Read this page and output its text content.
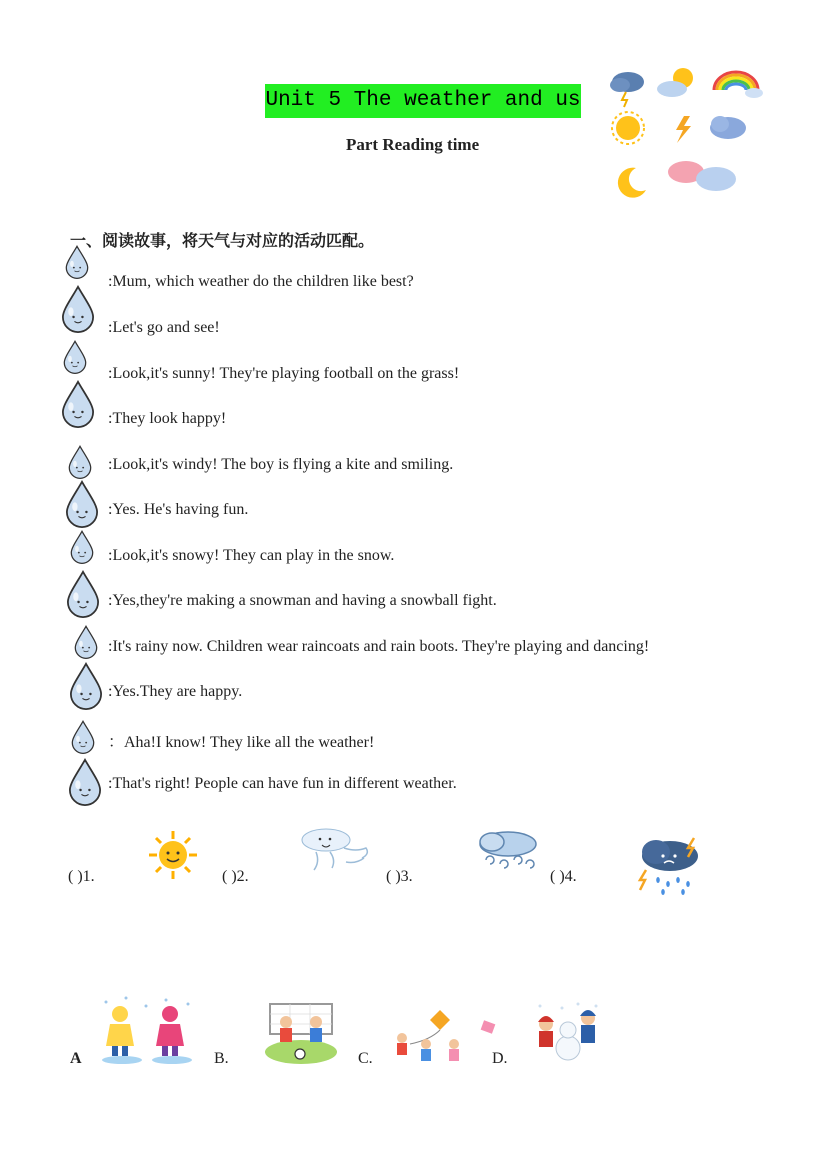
Unit 5 The weather and us
Part Reading time
一、阅读故事，将天气与对应的活动匹配。
:Mum, which weather do the children like best?
:Let's go and see!
:Look,it's sunny! They're playing football on the grass!
:They look happy!
:Look,it's windy! The boy is flying a kite and smiling.
:Yes. He's having fun.
:Look,it's snowy! They can play in the snow.
:Yes,they're making a snowman and having a snowball fight.
:It's rainy now. Children wear raincoats and rain boots. They're playing and dancing!
:Yes.They are happy.
：Aha!I know! They like all the weather!
:That's right! People can have fun in different weather.
( )1.	( )2.	( )3.	( )4.
A	B.	C.	D.
